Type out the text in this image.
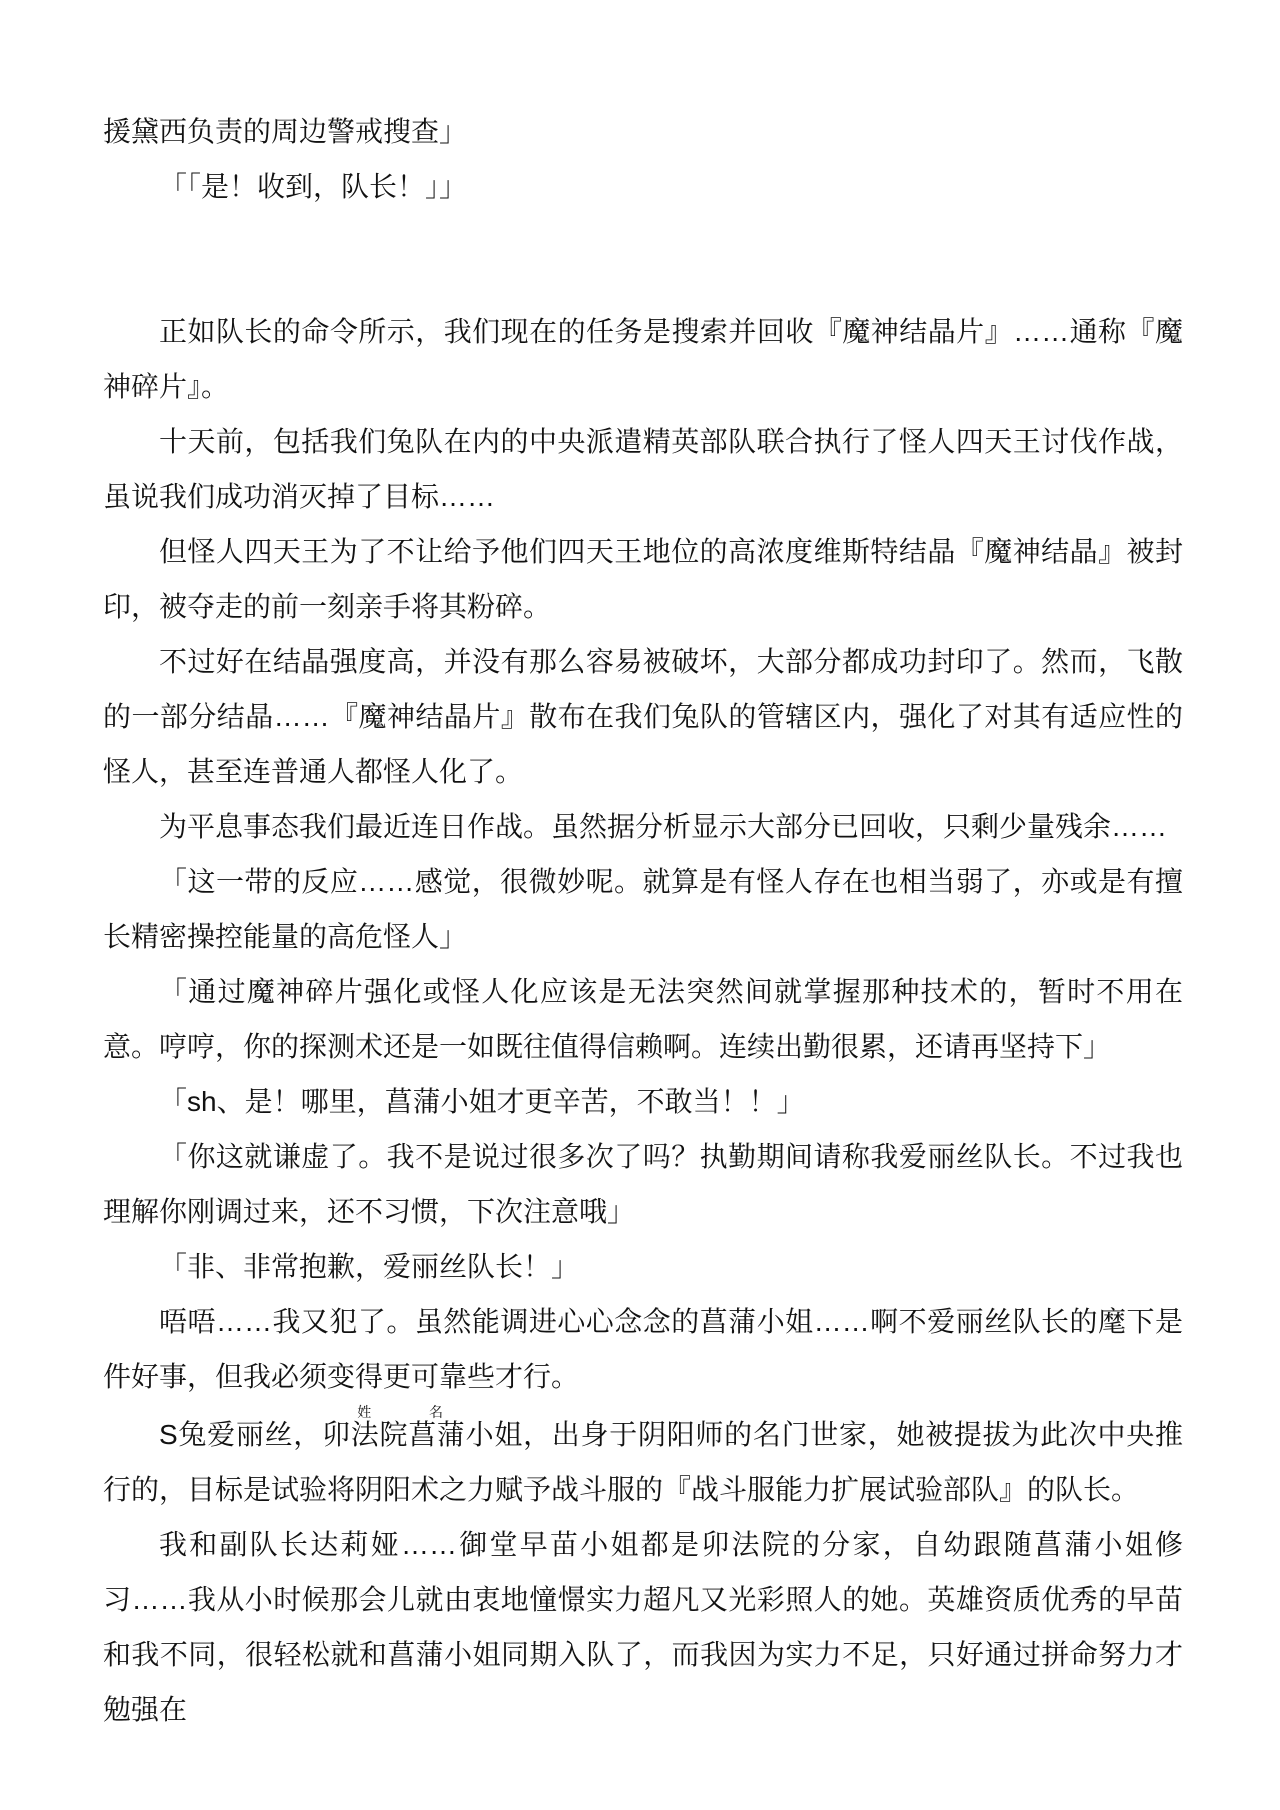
援黛西负责的周边警戒搜查」

「「是！收到，队长！」」

正如队长的命令所示，我们现在的任务是搜索并回收『魔神结晶片』……通称『魔神碎片』。

十天前，包括我们兔队在内的中央派遣精英部队联合执行了怪人四天王讨伐作战，虽说我们成功消灭掉了目标……

但怪人四天王为了不让给予他们四天王地位的高浓度维斯特结晶『魔神结晶』被封印，被夺走的前一刻亲手将其粉碎。

不过好在结晶强度高，并没有那么容易被破坏，大部分都成功封印了。然而，飞散的一部分结晶……『魔神结晶片』散布在我们兔队的管辖区内，强化了对其有适应性的怪人，甚至连普通人都怪人化了。

为平息事态我们最近连日作战。虽然据分析显示大部分已回收，只剩少量残余……

「这一带的反应……感觉，很微妙呢。就算是有怪人存在也相当弱了，亦或是有擅长精密操控能量的高危怪人」

「通过魔神碎片强化或怪人化应该是无法突然间就掌握那种技术的，暂时不用在意。哼哼，你的探测术还是一如既往值得信赖啊。连续出勤很累，还请再坚持下」

「sh、是！哪里，菖蒲小姐才更辛苦，不敢当！！」

「你这就谦虚了。我不是说过很多次了吗？执勤期间请称我爱丽丝队长。不过我也理解你刚调过来，还不习惯，下次注意哦」

「非、非常抱歉，爱丽丝队长！」

唔唔……我又犯了。虽然能调进心心念念的菖蒲小姐……啊不爱丽丝队长的麾下是件好事，但我必须变得更可靠些才行。

S兔爱丽丝，卯法院姓菖蒲名小姐，出身于阴阳师的名门世家，她被提拔为此次中央推行的，目标是试验将阴阳术之力赋予战斗服的『战斗服能力扩展试验部队』的队长。

我和副队长达莉娅……御堂早苗小姐都是卯法院的分家，自幼跟随菖蒲小姐修习……我从小时候那会儿就由衷地憧憬实力超凡又光彩照人的她。英雄资质优秀的早苗和我不同，很轻松就和菖蒲小姐同期入队了，而我因为实力不足，只好通过拼命努力才勉强在
